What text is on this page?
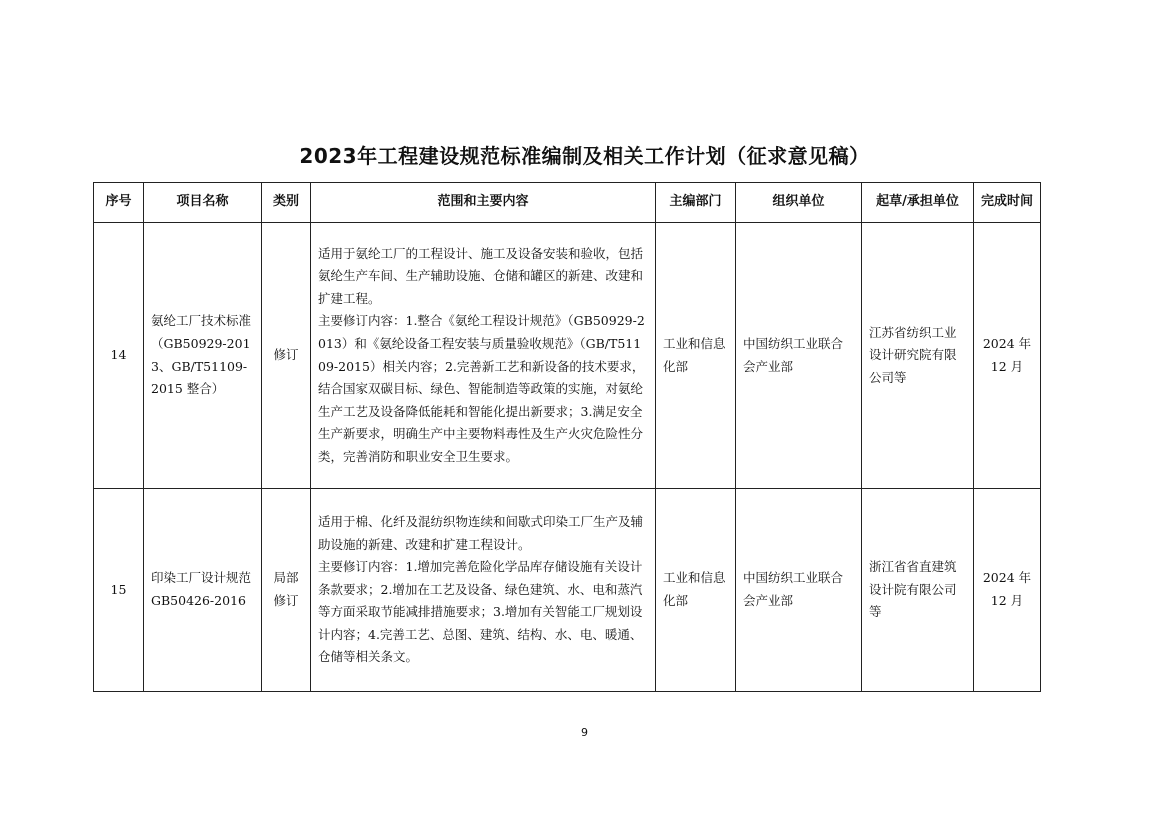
2023年工程建设规范标准编制及相关工作计划（征求意见稿）
序号	项目名称	类别	范围和主要内容	主编部门	组织单位	起草/承担单位	完成时间
14	氨纶工厂技术标准（GB50929-2013、GB/T51109-2015 整合）	修订	适用于氨纶工厂的工程设计、施工及设备安装和验收，包括氨纶生产车间、生产辅助设施、仓储和罐区的新建、改建和扩建工程。
主要修订内容：1.整合《氨纶工程设计规范》（GB50929-2013）和《氨纶设备工程安装与质量验收规范》（GB/T51109-2015）相关内容；2.完善新工艺和新设备的技术要求，结合国家双碳目标、绿色、智能制造等政策的实施，对氨纶生产工艺及设备降低能耗和智能化提出新要求；3.满足安全生产新要求，明确生产中主要物料毒性及生产火灾危险性分类，完善消防和职业安全卫生要求。	工业和信息化部	中国纺织工业联合会产业部	江苏省纺织工业设计研究院有限公司等	2024 年 12 月
15	印染工厂设计规范 GB50426-2016	局部修订	适用于棉、化纤及混纺织物连续和间歇式印染工厂生产及辅助设施的新建、改建和扩建工程设计。
主要修订内容：1.增加完善危险化学品库存储设施有关设计条款要求；2.增加在工艺及设备、绿色建筑、水、电和蒸汽等方面采取节能减排措施要求；3.增加有关智能工厂规划设计内容；4.完善工艺、总图、建筑、结构、水、电、暖通、仓储等相关条文。	工业和信息化部	中国纺织工业联合会产业部	浙江省省直建筑设计院有限公司等	2024 年 12 月
9
